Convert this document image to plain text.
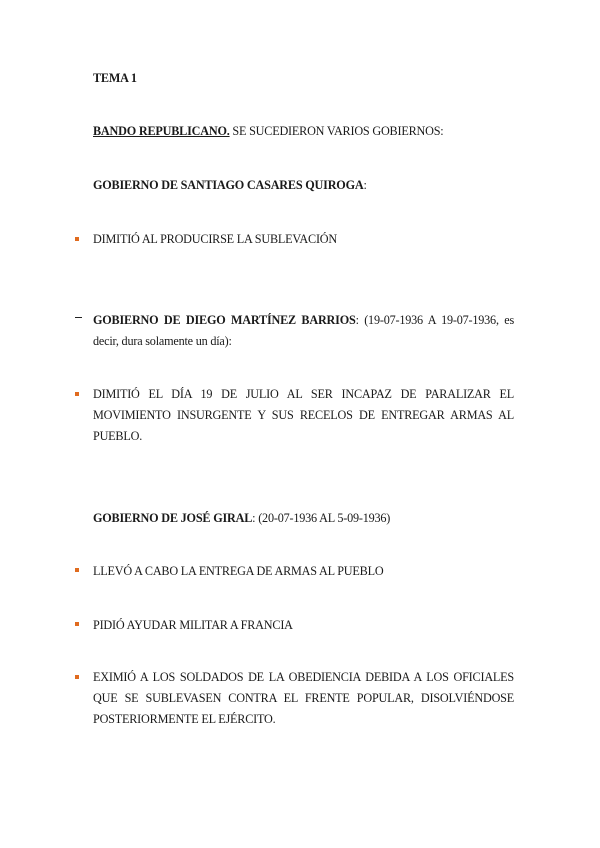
TEMA 1
BANDO REPUBLICANO. SE SUCEDIERON VARIOS GOBIERNOS:
GOBIERNO DE SANTIAGO CASARES QUIROGA:
DIMITIÓ AL PRODUCIRSE LA SUBLEVACIÓN
GOBIERNO DE DIEGO MARTÍNEZ BARRIOS: (19-07-1936 A 19-07-1936, es decir, dura solamente un día):
DIMITIÓ EL DÍA 19 DE JULIO AL SER INCAPAZ DE PARALIZAR EL MOVIMIENTO INSURGENTE Y SUS RECELOS DE ENTREGAR ARMAS AL PUEBLO.
GOBIERNO DE JOSÉ GIRAL: (20-07-1936 AL 5-09-1936)
LLEVÓ A CABO LA ENTREGA DE ARMAS AL PUEBLO
PIDIÓ AYUDAR MILITAR A FRANCIA
EXIMIÓ A LOS SOLDADOS DE LA OBEDIENCIA DEBIDA A LOS OFICIALES QUE SE SUBLEVASEN CONTRA EL FRENTE POPULAR, DISOLVIÉNDOSE POSTERIORMENTE EL EJÉRCITO.
